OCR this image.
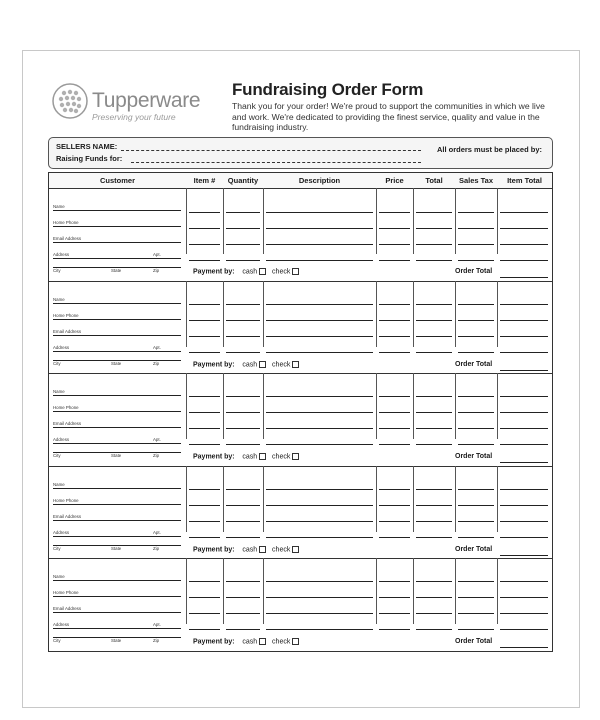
Tupperware
Preserving your future
Fundraising Order Form
Thank you for your order! We're proud to support the communities in which we live and work. We're dedicated to providing the finest service, quality and value in the fundraising industry.
SELLERS NAME:
Raising Funds for:
All orders must be placed by:
Customer	Item #	Quantity	Description	Price	Total	Sales Tax	Item Total
Name
Home Phone
Email Address
Address	Apt.
City	State	Zip	Payment by: cash check	Order Total
Name
Home Phone
Email Address
Address	Apt.
City	State	Zip	Payment by: cash check	Order Total
Name
Home Phone
Email Address
Address	Apt.
City	State	Zip	Payment by: cash check	Order Total
Name
Home Phone
Email Address
Address	Apt.
City	State	Zip	Payment by: cash check	Order Total
Name
Home Phone
Email Address
Address	Apt.
City	State	Zip	Payment by: cash check	Order Total
